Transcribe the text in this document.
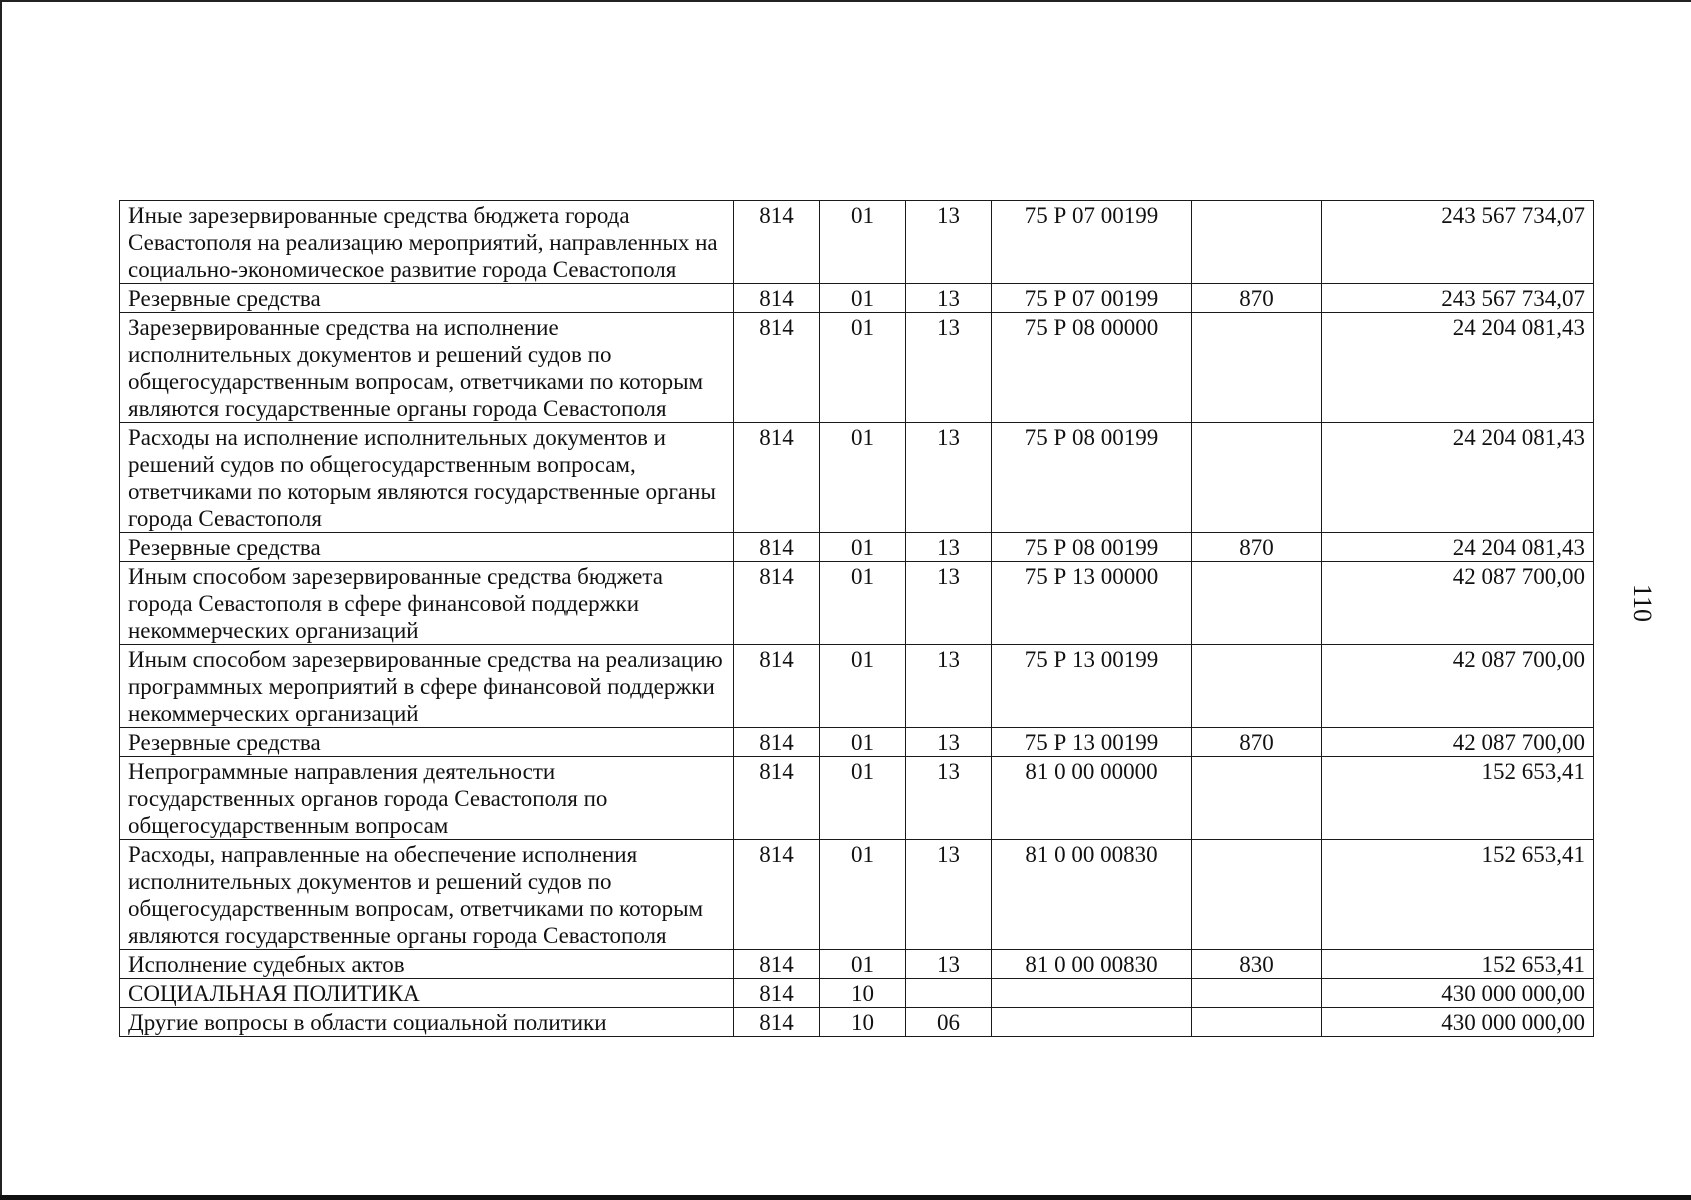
Иные зарезервированные средства бюджета города Севастополя на реализацию мероприятий, направленных на социально-экономическое развитие города Севастополя	814	01	13	75 Р 07 00199		243 567 734,07
Резервные средства	814	01	13	75 Р 07 00199	870	243 567 734,07
Зарезервированные средства на исполнение исполнительных документов и решений судов по общегосударственным вопросам, ответчиками по которым являются государственные органы города Севастополя	814	01	13	75 Р 08 00000		24 204 081,43
Расходы на исполнение исполнительных документов и решений судов по общегосударственным вопросам, ответчиками по которым являются государственные органы города Севастополя	814	01	13	75 Р 08 00199		24 204 081,43
Резервные средства	814	01	13	75 Р 08 00199	870	24 204 081,43
Иным способом зарезервированные средства бюджета города Севастополя в сфере финансовой поддержки некоммерческих организаций	814	01	13	75 Р 13 00000		42 087 700,00
Иным способом зарезервированные средства на реализацию программных мероприятий в сфере финансовой поддержки некоммерческих организаций	814	01	13	75 Р 13 00199		42 087 700,00
Резервные средства	814	01	13	75 Р 13 00199	870	42 087 700,00
Непрограммные направления деятельности государственных органов города Севастополя по общегосударственным вопросам	814	01	13	81 0 00 00000		152 653,41
Расходы, направленные на обеспечение исполнения исполнительных документов и решений судов по общегосударственным вопросам, ответчиками по которым являются государственные органы города Севастополя	814	01	13	81 0 00 00830		152 653,41
Исполнение судебных актов	814	01	13	81 0 00 00830	830	152 653,41
СОЦИАЛЬНАЯ ПОЛИТИКА	814	10				430 000 000,00
Другие вопросы в области социальной политики	814	10	06			430 000 000,00
110
